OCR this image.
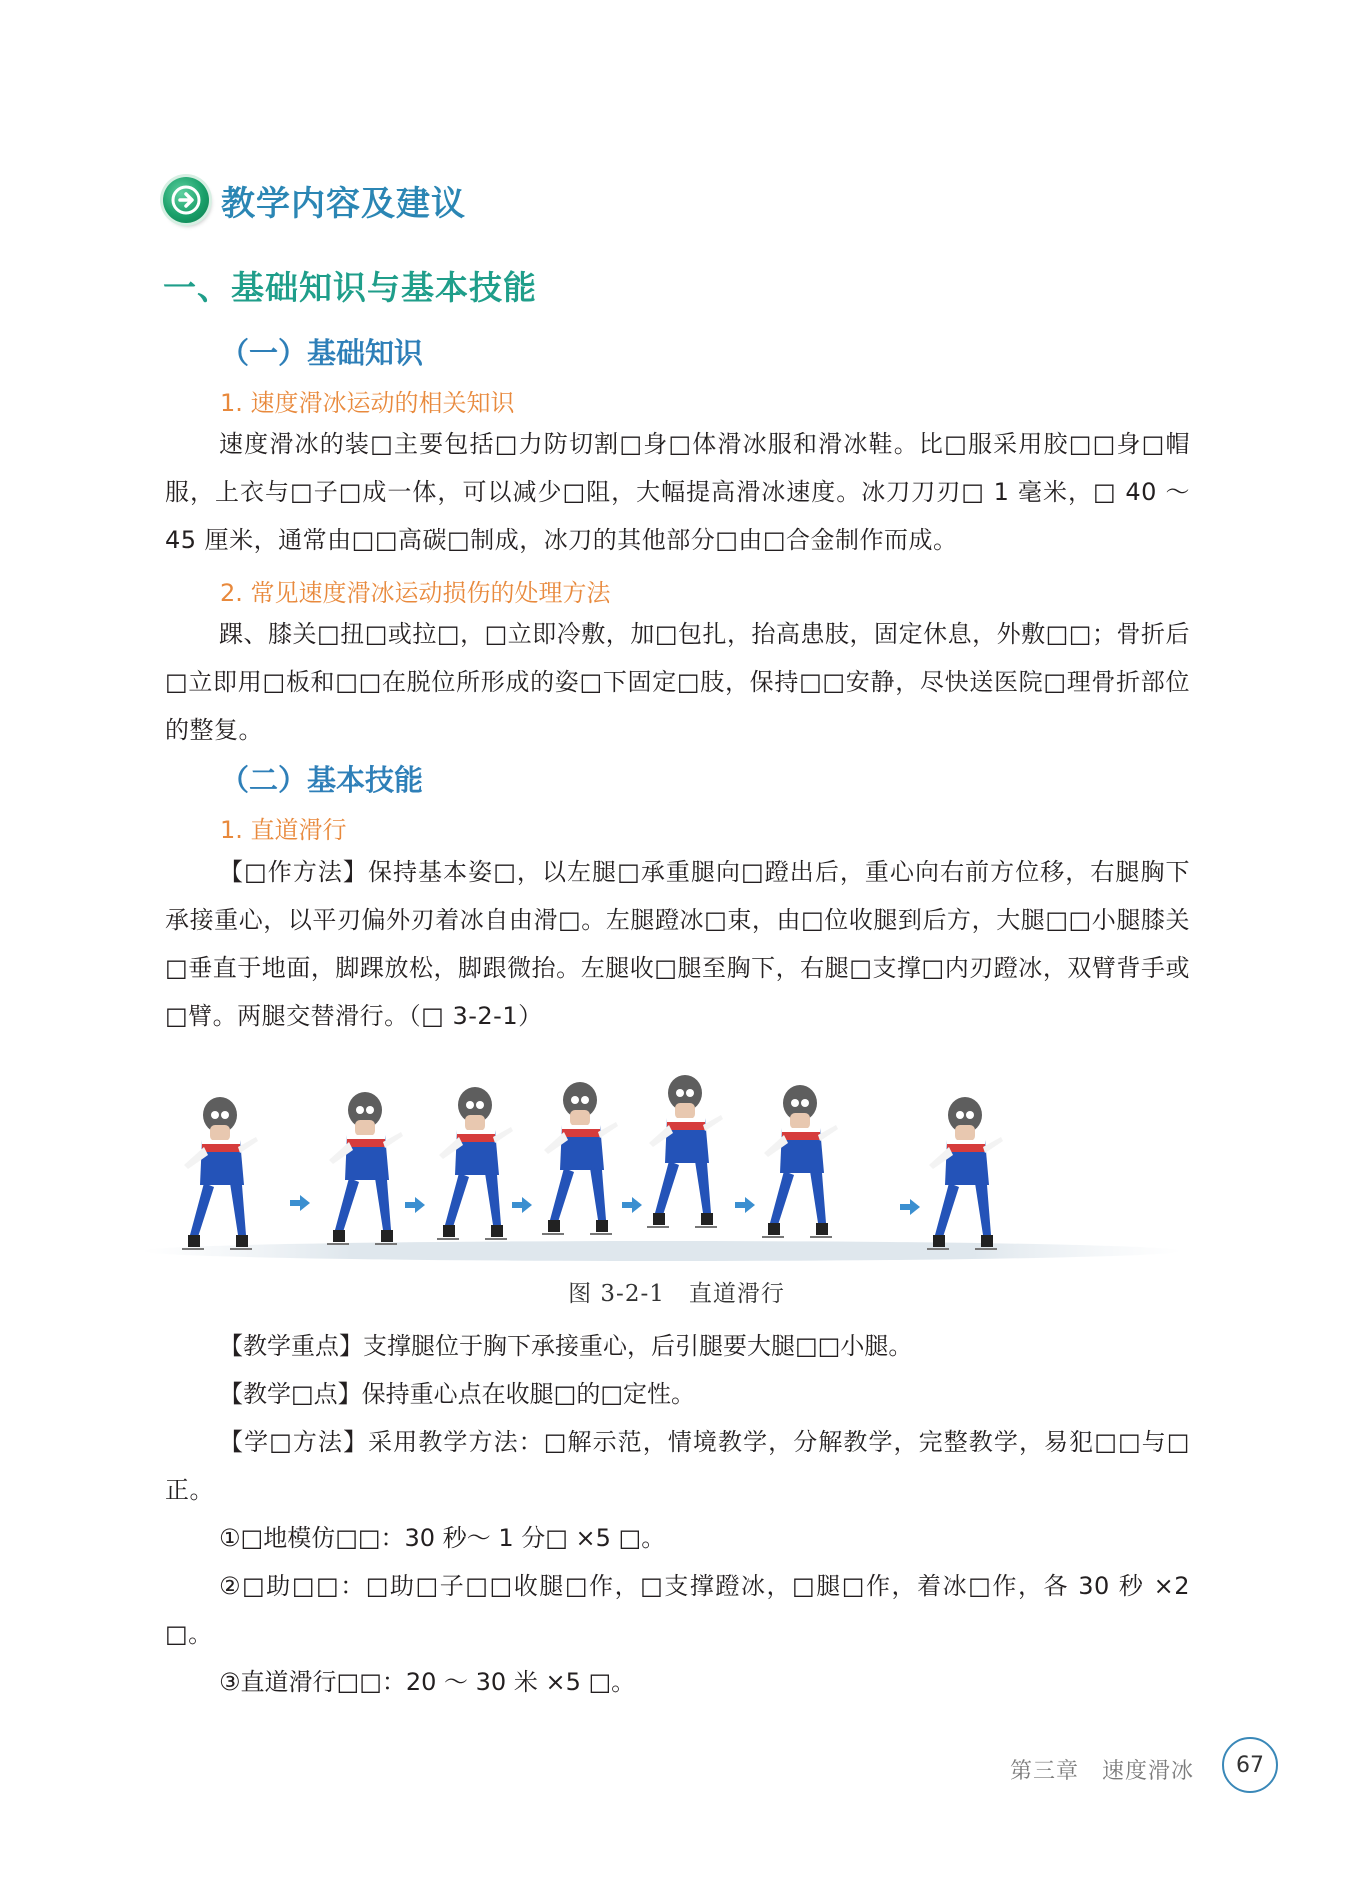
教学内容及建议
一、基础知识与基本技能
（一）基础知识
1. 速度滑冰运动的相关知识
速度滑冰的装□主要包括□力防切割□身□体滑冰服和滑冰鞋。比□服采用胶□□身□帽服，上衣与□子□成一体，可以减少□阻，大幅提高滑冰速度。冰刀刀刃□ 1 毫米，□ 40 ～ 45 厘米，通常由□□高碳□制成，冰刀的其他部分□由□合金制作而成。
2. 常见速度滑冰运动损伤的处理方法
踝、膝关□扭□或拉□，□立即冷敷，加□包扎，抬高患肢，固定休息，外敷□□；骨折后□立即用□板和□□在脱位所形成的姿□下固定□肢，保持□□安静，尽快送医院□理骨折部位的整复。
（二）基本技能
1. 直道滑行
【□作方法】保持基本姿□，以左腿□承重腿向□蹬出后，重心向右前方位移，右腿胸下承接重心，以平刃偏外刃着冰自由滑□。左腿蹬冰□束，由□位收腿到后方，大腿□□小腿膝关□垂直于地面，脚踝放松，脚跟微抬。左腿收□腿至胸下，右腿□支撑□内刃蹬冰，双臂背手或□臂。两腿交替滑行。（□ 3-2-1）
图 3-2-1　直道滑行
【教学重点】支撑腿位于胸下承接重心，后引腿要大腿□□小腿。
【教学□点】保持重心点在收腿□的□定性。
【学□方法】采用教学方法：□解示范，情境教学，分解教学，完整教学，易犯□□与□正。
①□地模仿□□：30 秒～ 1 分□ ×5 □。
②□助□□：□助□子□□收腿□作，□支撑蹬冰，□腿□作，着冰□作，各 30 秒 ×2 □。
③直道滑行□□：20 ～ 30 米 ×5 □。
第三章　速度滑冰	67
